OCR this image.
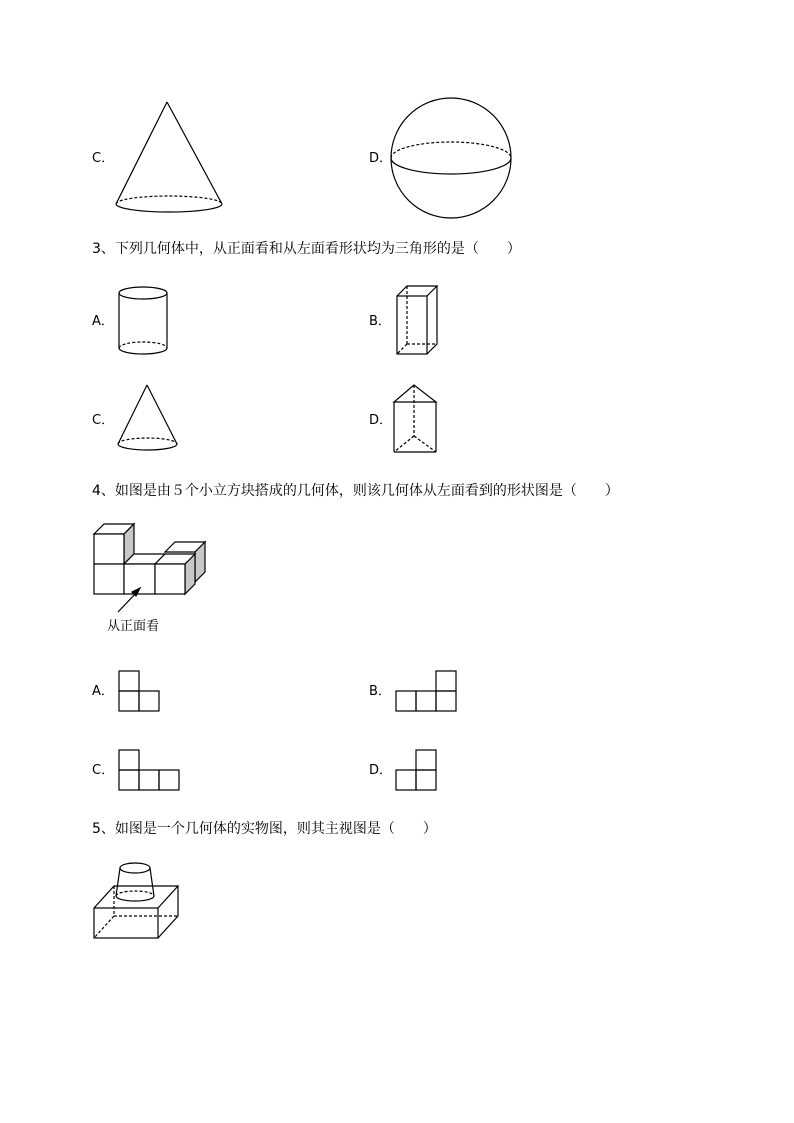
C．	D．
3、下列几何体中，从正面看和从左面看形状均为三角形的是（　　）
A．	B．
C．	D．
4、如图是由５个小立方块搭成的几何体，则该几何体从左面看到的形状图是（　　）
从正面看
A．	B．
C．	D．
5、如图是一个几何体的实物图，则其主视图是（　　）
